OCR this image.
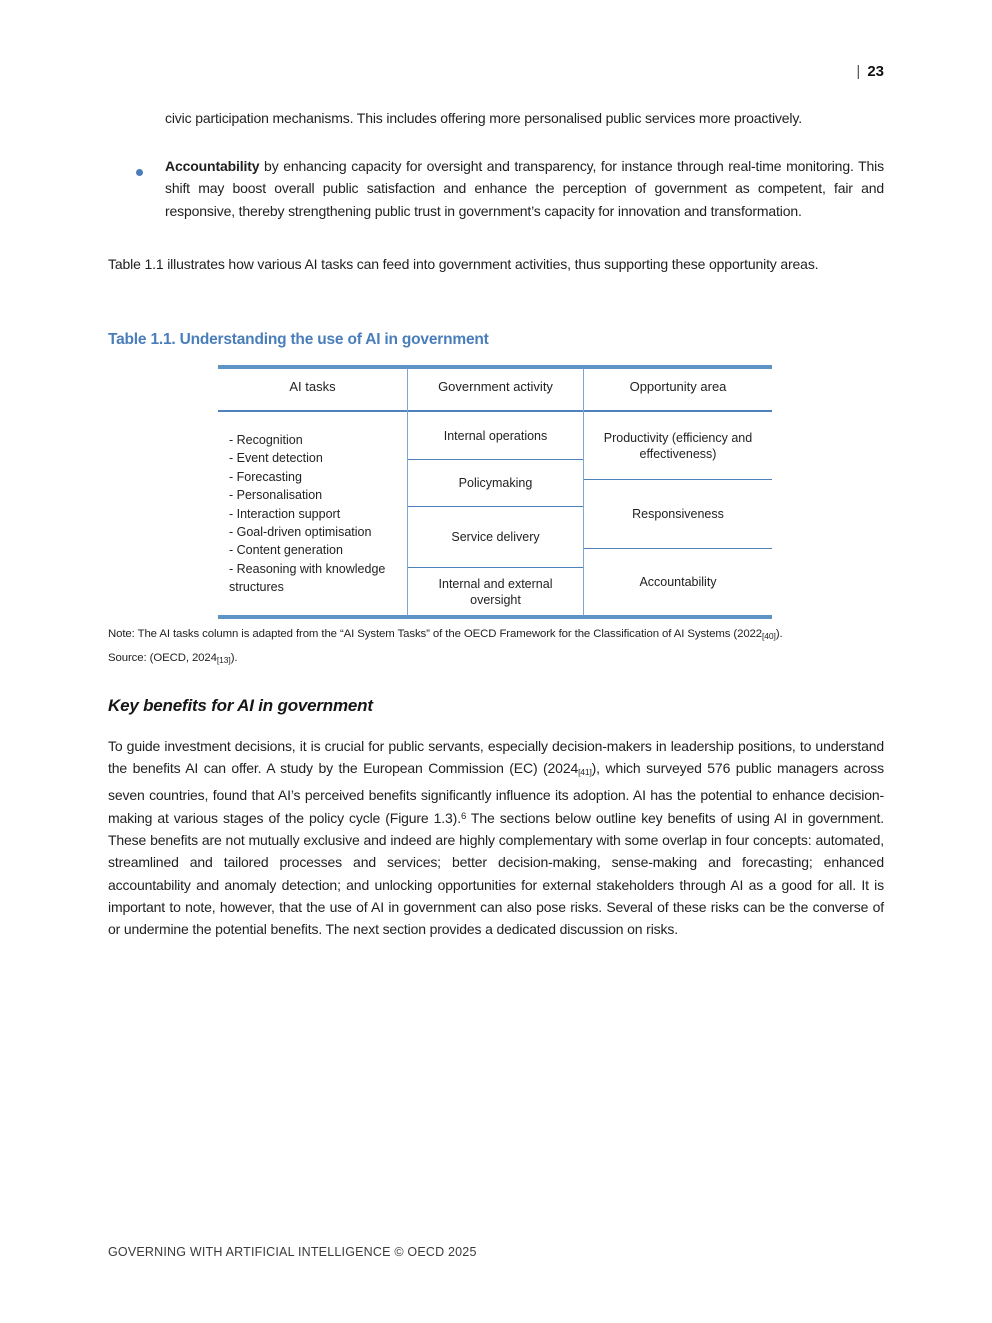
| 23
civic participation mechanisms. This includes offering more personalised public services more proactively.
Accountability by enhancing capacity for oversight and transparency, for instance through real-time monitoring. This shift may boost overall public satisfaction and enhance the perception of government as competent, fair and responsive, thereby strengthening public trust in government’s capacity for innovation and transformation.
Table 1.1 illustrates how various AI tasks can feed into government activities, thus supporting these opportunity areas.
Table 1.1. Understanding the use of AI in government
AI tasks
- Recognition
- Event detection
- Forecasting
- Personalisation
- Interaction support
- Goal-driven optimisation
- Content generation
- Reasoning with knowledge structures
Government activity
Internal operations
Policymaking
Service delivery
Internal and external oversight
Opportunity area
Productivity (efficiency and effectiveness)
Responsiveness
Accountability
Note: The AI tasks column is adapted from the “AI System Tasks” of the OECD Framework for the Classification of AI Systems (2022[40]).
Source: (OECD, 2024[13]).
Key benefits for AI in government
To guide investment decisions, it is crucial for public servants, especially decision-makers in leadership positions, to understand the benefits AI can offer. A study by the European Commission (EC) (2024[41]), which surveyed 576 public managers across seven countries, found that AI’s perceived benefits significantly influence its adoption. AI has the potential to enhance decision-making at various stages of the policy cycle (Figure 1.3).$^6$ The sections below outline key benefits of using AI in government. These benefits are not mutually exclusive and indeed are highly complementary with some overlap in four concepts: automated, streamlined and tailored processes and services; better decision-making, sense-making and forecasting; enhanced accountability and anomaly detection; and unlocking opportunities for external stakeholders through AI as a good for all. It is important to note, however, that the use of AI in government can also pose risks. Several of these risks can be the converse of or undermine the potential benefits. The next section provides a dedicated discussion on risks.
GOVERNING WITH ARTIFICIAL INTELLIGENCE © OECD 2025
